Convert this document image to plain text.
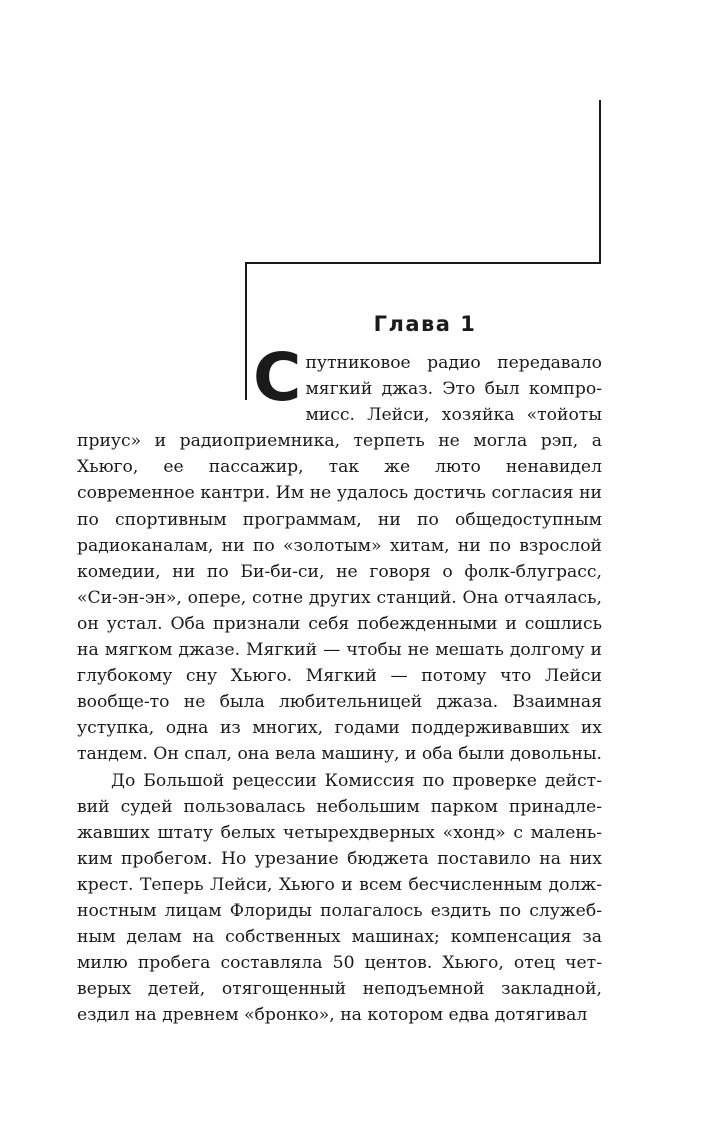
Глава 1

Спутниковое радио передавало мягкий джаз. Это был компромисс. Лейси, хозяйка «тойоты приус» и радиоприемника, терпеть не могла рэп, а Хьюго, ее пассажир, так же люто ненавидел современное кантри. Им не удалось достичь согласия ни по спортивным программам, ни по общедоступным радиоканалам, ни по «золотым» хитам, ни по взрослой комедии, ни по Би-би-си, не говоря о фолк-блуграсс, «Си-эн-эн», опере, сотне других станций. Она отчаялась, он устал. Оба признали себя побежденными и сошлись на мягком джазе. Мягкий — чтобы не мешать долгому и глубокому сну Хьюго. Мягкий — потому что Лейси вообще-то не была любительницей джаза. Взаимная уступка, одна из многих, годами поддерживавших их тандем. Он спал, она вела машину, и оба были довольны.

До Большой рецессии Комиссия по проверке действий судей пользовалась небольшим парком принадлежавших штату белых четырехдверных «хонд» с маленьким пробегом. Но урезание бюджета поставило на них крест. Теперь Лейси, Хьюго и всем бесчисленным должностным лицам Флориды полагалось ездить по служебным делам на собственных машинах; компенсация за милю пробега составляла 50 центов. Хьюго, отец четверых детей, отягощенный неподъемной закладной, ездил на древнем «бронко», на котором едва дотягивал
